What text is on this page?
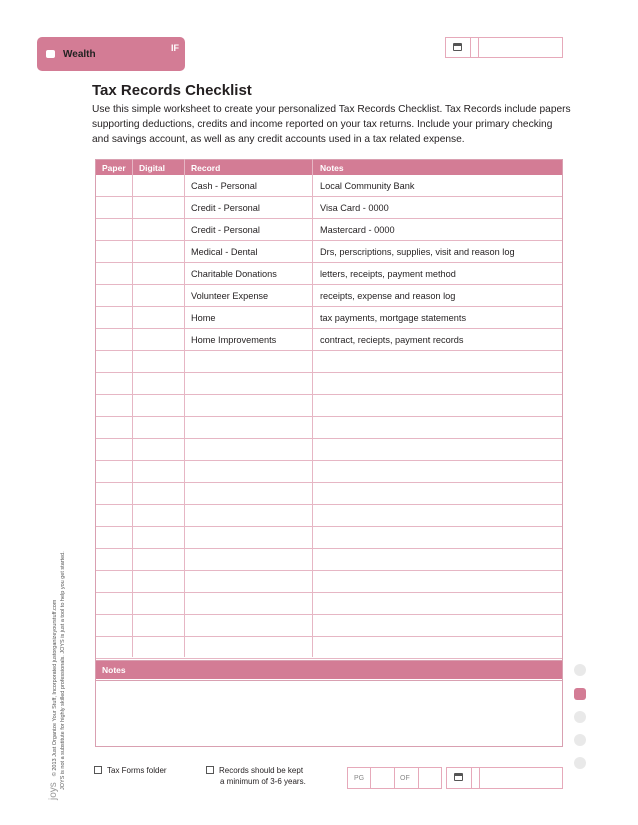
Wealth
IF
Tax Records Checklist

Use this simple worksheet to create your personalized Tax Records Checklist. Tax Records include papers supporting deductions, credits and income reported on your tax returns. Include your primary checking and savings account, as well as any credit accounts used in a tax related expense.

Paper Digital	Record	Notes
Cash - Personal	Local Community Bank
Credit - Personal	Visa Card - 0000
Credit - Personal	Mastercard - 0000
Medical - Dental	Drs, perscriptions, supplies, visit and reason log
Charitable Donations	letters, receipts, payment method
Volunteer Expense	receipts, expense and reason log
Home	tax payments, mortgage statements
Home Improvements	contract, reciepts, payment records
Notes
Tax Forms folder	Records should be kept
a minimum of 3-6 years.	PG	OF
joys© 2013 Just Organize Your Stuff, Incorporated justorganizeyourstuff.com JOYS is not a substitute for highly skilled professionals. JOYS is just a tool to help you get started.
